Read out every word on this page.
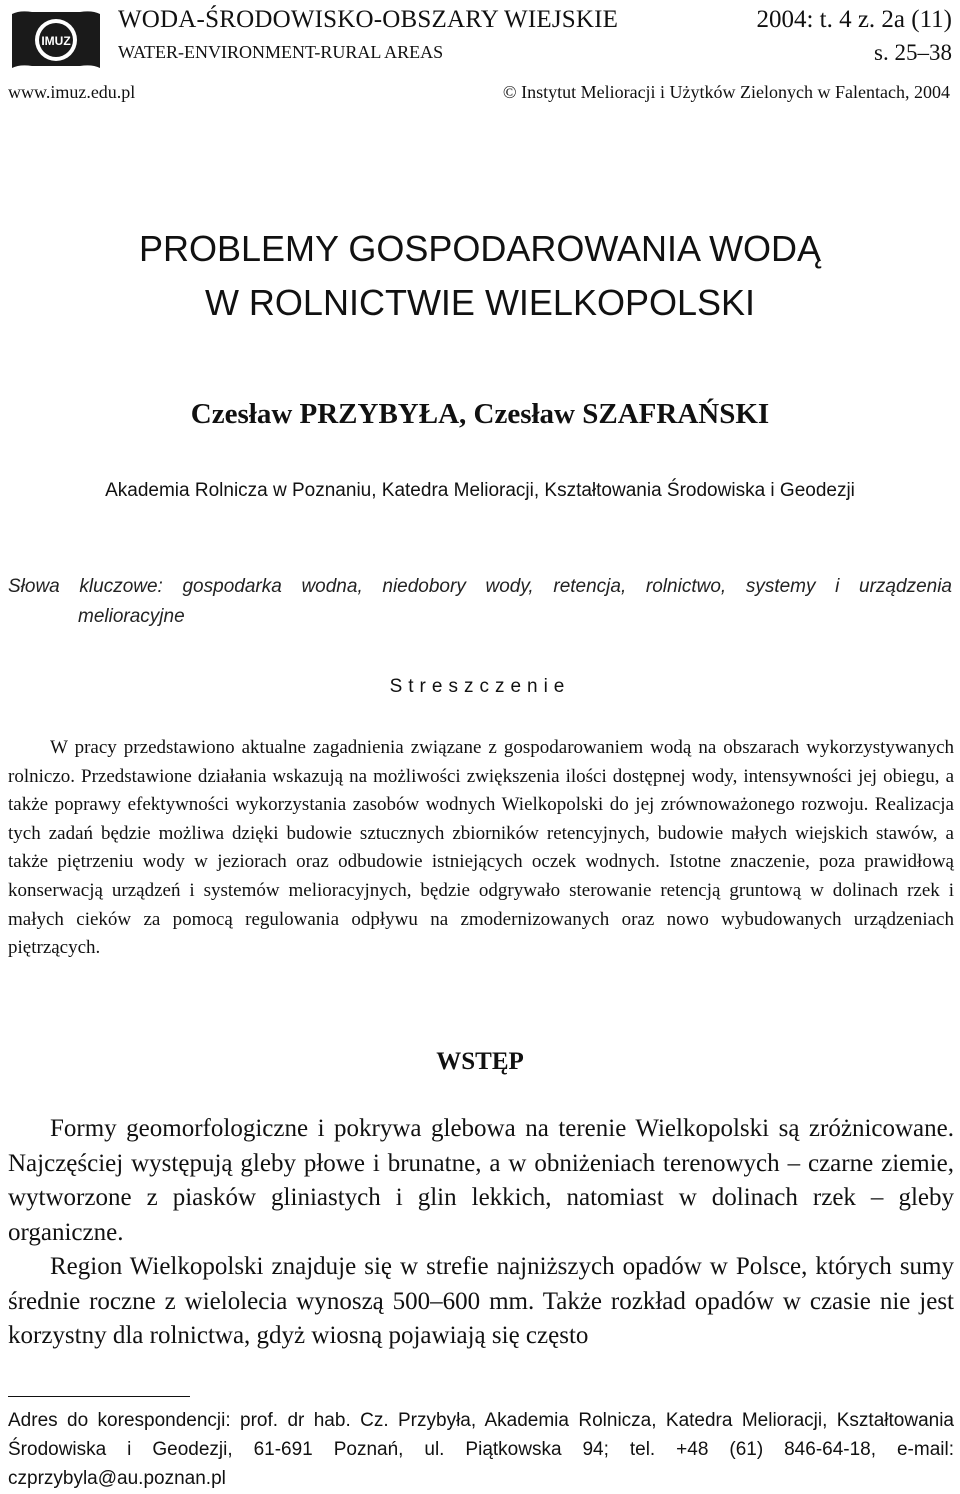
IMUZ
WODA-ŚRODOWISKO-OBSZARY WIEJSKIE
WATER-ENVIRONMENT-RURAL AREAS
2004: t. 4 z. 2a (11)
s. 25–38
www.imuz.edu.pl	© Instytut Melioracji i Użytków Zielonych w Falentach, 2004
PROBLEMY GOSPODAROWANIA WODĄ
W ROLNICTWIE WIELKOPOLSKI
Czesław PRZYBYŁA, Czesław SZAFRAŃSKI
Akademia Rolnicza w Poznaniu, Katedra Melioracji, Kształtowania Środowiska i Geodezji
Słowa kluczowe: gospodarka wodna, niedobory wody, retencja, rolnictwo, systemy i urządzenia
melioracyjne
Streszczenie
W pracy przedstawiono aktualne zagadnienia związane z gospodarowaniem wodą na obszarach wykorzystywanych rolniczo. Przedstawione działania wskazują na możliwości zwiększenia ilości dostępnej wody, intensywności jej obiegu, a także poprawy efektywności wykorzystania zasobów wodnych Wielkopolski do jej zrównoważonego rozwoju. Realizacja tych zadań będzie możliwa dzięki budowie sztucznych zbiorników retencyjnych, budowie małych wiejskich stawów, a także piętrzeniu wody w jeziorach oraz odbudowie istniejących oczek wodnych. Istotne znaczenie, poza prawidłową konserwacją urządzeń i systemów melioracyjnych, będzie odgrywało sterowanie retencją gruntową w dolinach rzek i małych cieków za pomocą regulowania odpływu na zmodernizowanych oraz nowo wybudowanych urządzeniach piętrzących.
WSTĘP

Formy geomorfologiczne i pokrywa glebowa na terenie Wielkopolski są zróżnicowane. Najczęściej występują gleby płowe i brunatne, a w obniżeniach terenowych – czarne ziemie, wytworzone z piasków gliniastych i glin lekkich, natomiast w dolinach rzek – gleby organiczne.

Region Wielkopolski znajduje się w strefie najniższych opadów w Polsce, których sumy średnie roczne z wielolecia wynoszą 500–600 mm. Także rozkład opadów w czasie nie jest korzystny dla rolnictwa, gdyż wiosną pojawiają się często

Adres do korespondencji: prof. dr hab. Cz. Przybyła, Akademia Rolnicza, Katedra Melioracji, Kształtowania Środowiska i Geodezji, 61-691 Poznań, ul. Piątkowska 94; tel. +48 (61) 846-64-18, e-mail: czprzybyla@au.poznan.pl
